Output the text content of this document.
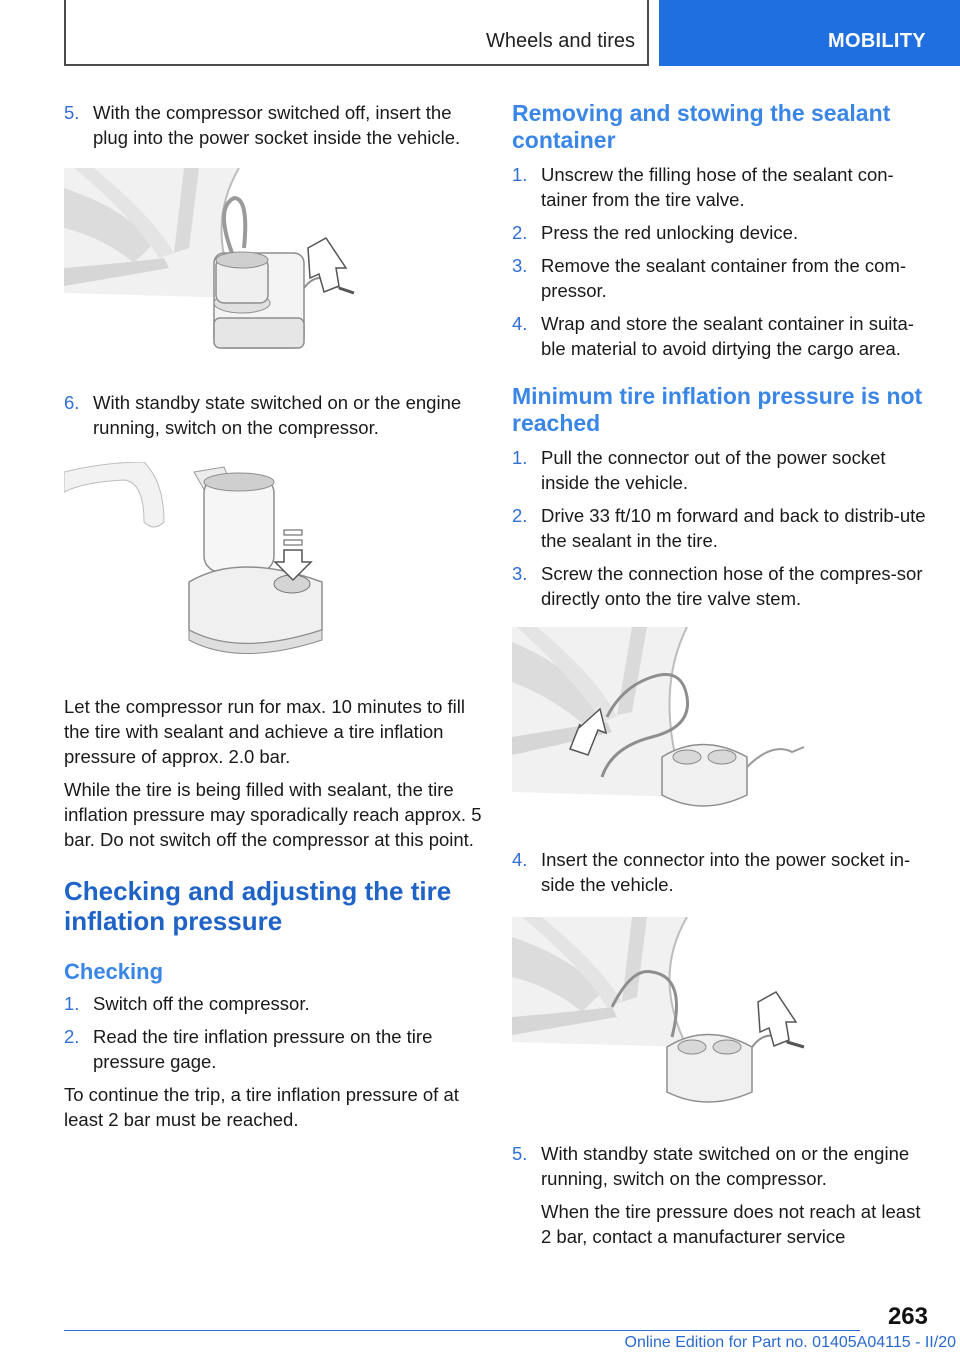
Wheels and tires	MOBILITY
5. With the compressor switched off, insert the plug into the power socket inside the vehicle.
6. With standby state switched on or the engine running, switch on the compressor.
Let the compressor run for max. 10 minutes to fill the tire with sealant and achieve a tire inflation pressure of approx. 2.0 bar.
While the tire is being filled with sealant, the tire inflation pressure may sporadically reach approx. 5 bar. Do not switch off the compressor at this point.
Checking and adjusting the tire inflation pressure
Checking
1. Switch off the compressor.
2. Read the tire inflation pressure on the tire pressure gage.
To continue the trip, a tire inflation pressure of at least 2 bar must be reached.
Removing and stowing the sealant container
1. Unscrew the filling hose of the sealant con‐tainer from the tire valve.
2. Press the red unlocking device.
3. Remove the sealant container from the com‐pressor.
4. Wrap and store the sealant container in suita‐ble material to avoid dirtying the cargo area.
Minimum tire inflation pressure is not reached
1. Pull the connector out of the power socket inside the vehicle.
2. Drive 33 ft/10 m forward and back to distrib‐ute the sealant in the tire.
3. Screw the connection hose of the compres‐sor directly onto the tire valve stem.
4. Insert the connector into the power socket in‐side the vehicle.
5. With standby state switched on or the engine running, switch on the compressor.
When the tire pressure does not reach at least 2 bar, contact a manufacturer service
263
Online Edition for Part no. 01405A04115 - II/20
